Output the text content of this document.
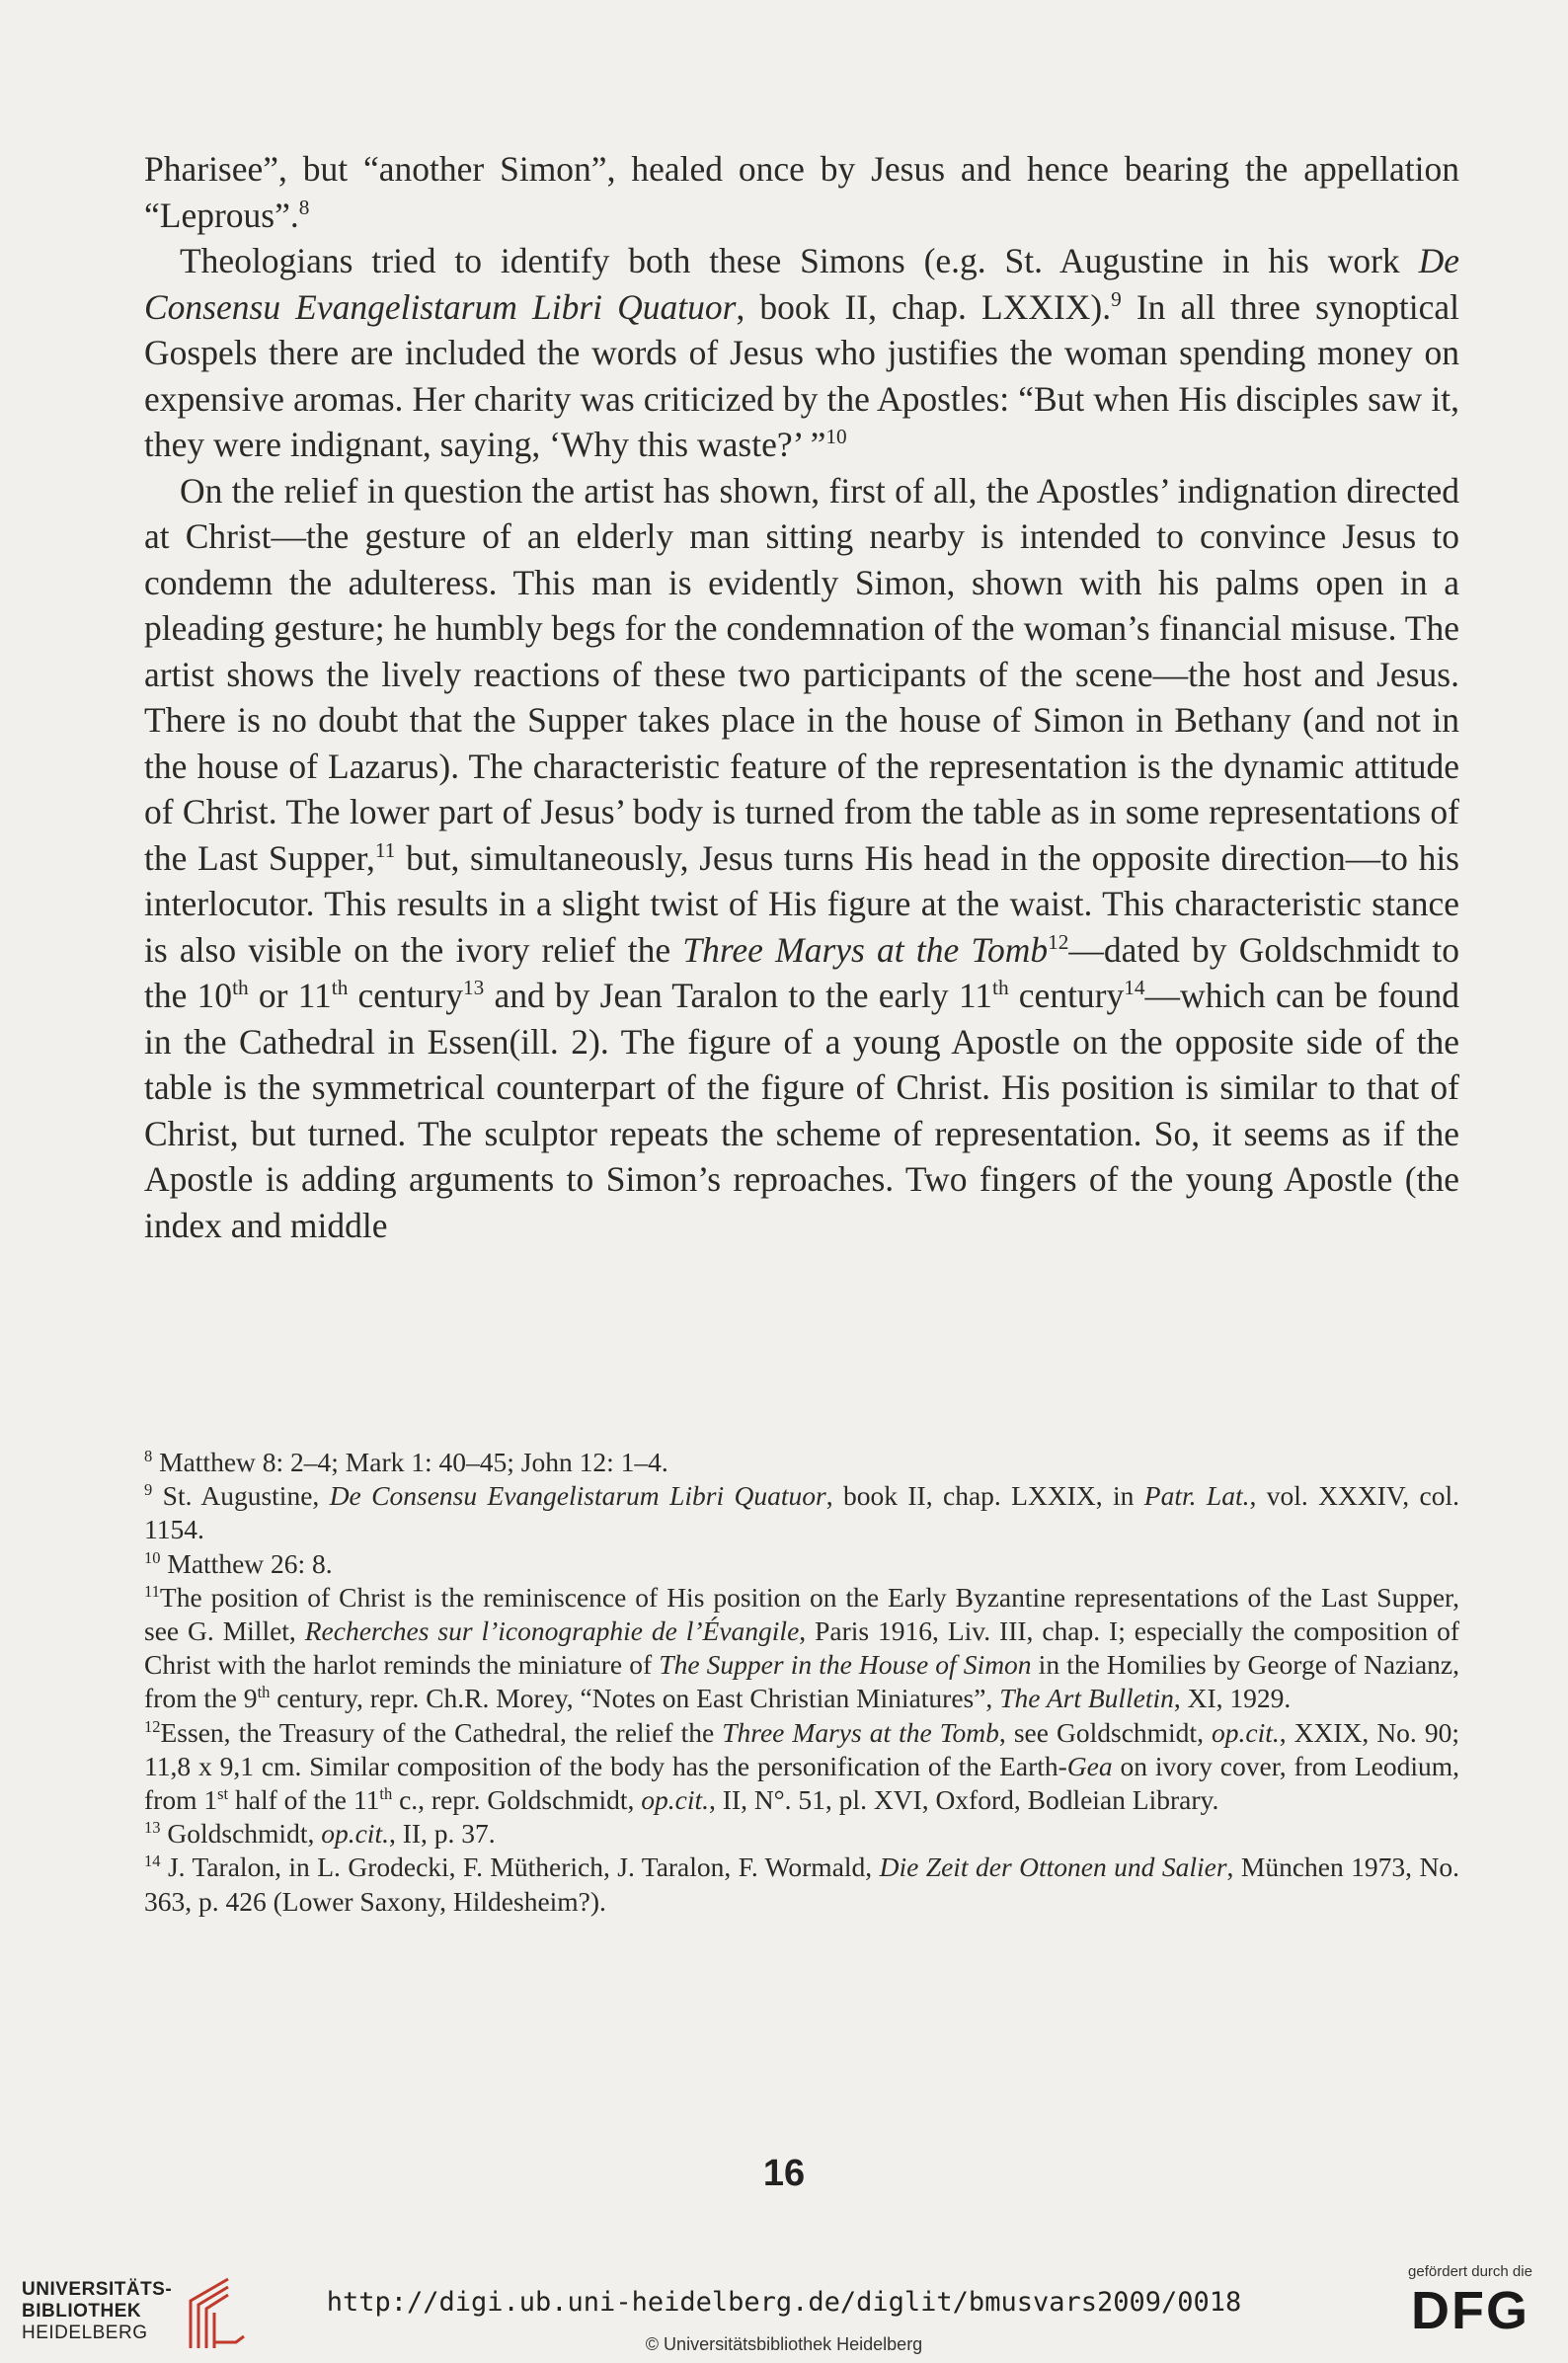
Pharisee”, but “another Simon”, healed once by Jesus and hence bearing the appellation “Leprous”.$^8$

Theologians tried to identify both these Simons (e.g. St. Augustine in his work De Consensu Evangelistarum Libri Quatuor, book II, chap. LXXIX).$^9$ In all three synoptical Gospels there are included the words of Jesus who justifies the woman spending money on expensive aromas. Her charity was criticized by the Apostles: “But when His disciples saw it, they were indignant, saying, ‘Why this waste?’ ”$^{10}$

On the relief in question the artist has shown, first of all, the Apostles’ indignation directed at Christ—the gesture of an elderly man sitting nearby is intended to convince Jesus to condemn the adulteress. This man is evidently Simon, shown with his palms open in a pleading gesture; he humbly begs for the condemnation of the woman’s financial misuse. The artist shows the lively reactions of these two participants of the scene—the host and Jesus. There is no doubt that the Supper takes place in the house of Simon in Bethany (and not in the house of Lazarus). The characteristic feature of the representation is the dynamic attitude of Christ. The lower part of Jesus’ body is turned from the table as in some representations of the Last Supper,$^{11}$ but, simultaneously, Jesus turns His head in the opposite direction—to his interlocutor. This results in a slight twist of His figure at the waist. This characteristic stance is also visible on the ivory relief the Three Marys at the Tomb$^{12}$—dated by Goldschmidt to the 10th or 11th century$^{13}$ and by Jean Taralon to the early 11th century$^{14}$—which can be found in the Cathedral in Essen(ill. 2). The figure of a young Apostle on the opposite side of the table is the symmetrical counterpart of the figure of Christ. His position is similar to that of Christ, but turned. The sculptor repeats the scheme of representation. So, it seems as if the Apostle is adding arguments to Simon’s reproaches. Two fingers of the young Apostle (the index and middle

$^8$ Matthew 8: 2–4; Mark 1: 40–45; John 12: 1–4.

$^9$ St. Augustine, De Consensu Evangelistarum Libri Quatuor, book II, chap. LXXIX, in Patr. Lat., vol. XXXIV, col. 1154.

$^{10}$ Matthew 26: 8.

$^{11}$The position of Christ is the reminiscence of His position on the Early Byzantine representations of the Last Supper, see G. Millet, Recherches sur l’iconographie de l’Évangile, Paris 1916, Liv. III, chap. I; especially the composition of Christ with the harlot reminds the miniature of The Supper in the House of Simon in the Homilies by George of Nazianz, from the 9th century, repr. Ch.R. Morey, “Notes on East Christian Miniatures”, The Art Bulletin, XI, 1929.

$^{12}$Essen, the Treasury of the Cathedral, the relief the Three Marys at the Tomb, see Goldschmidt, op.cit., XXIX, No. 90; 11,8 x 9,1 cm. Similar composition of the body has the personification of the Earth-Gea on ivory cover, from Leodium, from 1st half of the 11th c., repr. Goldschmidt, op.cit., II, N°. 51, pl. XVI, Oxford, Bodleian Library.

$^{13}$ Goldschmidt, op.cit., II, p. 37.

$^{14}$ J. Taralon, in L. Grodecki, F. Mütherich, J. Taralon, F. Wormald, Die Zeit der Ottonen und Salier, München 1973, No. 363, p. 426 (Lower Saxony, Hildesheim?).

16
UNIVERSITÄTS-
BIBLIOTHEK
HEIDELBERG
http://digi.ub.uni-heidelberg.de/diglit/bmusvars2009/0018
© Universitätsbibliothek Heidelberg
gefördert durch die
DFG
